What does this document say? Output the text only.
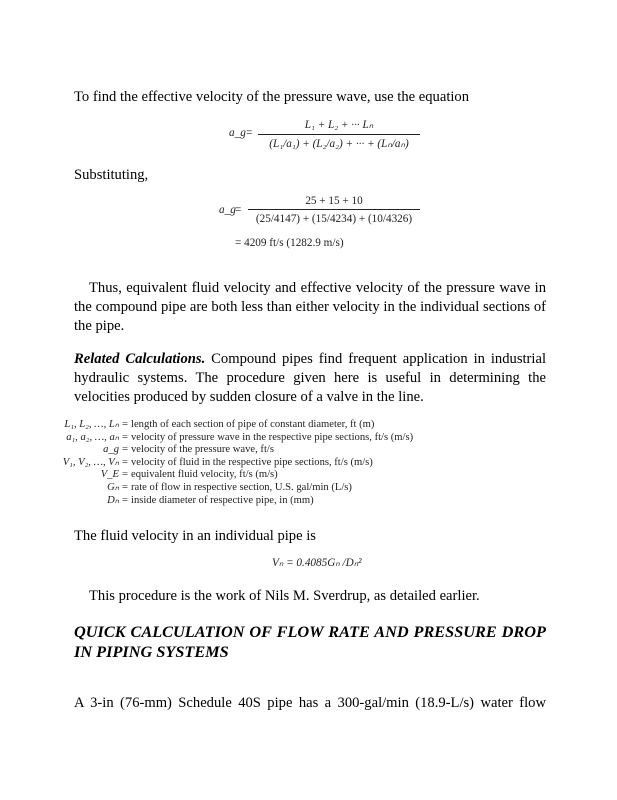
To find the effective velocity of the pressure wave, use the equation
a_g =
L₁ + L₂ + ··· Lₙ
(L₁/a₁) + (L₂/a₂) + ··· + (Lₙ/aₙ)
Substituting,
a_g =
25 + 15 + 10
(25/4147) + (15/4234) + (10/4326)
= 4209 ft/s (1282.9 m/s)
Thus, equivalent fluid velocity and effective velocity of the pressure wave in the compound pipe are both less than either velocity in the individual sections of the pipe.
Related Calculations. Compound pipes find frequent application in industrial hydraulic systems. The procedure given here is useful in determining the velocities produced by sudden closure of a valve in the line.
L₁, L₂, …, Lₙ = length of each section of pipe of constant diameter, ft (m)
a₁, a₂, …, aₙ = velocity of pressure wave in the respective pipe sections, ft/s (m/s)
a_g = velocity of the pressure wave, ft/s
V₁, V₂, …, Vₙ = velocity of fluid in the respective pipe sections, ft/s (m/s)
V_E = equivalent fluid velocity, ft/s (m/s)
Gₙ = rate of flow in respective section, U.S. gal/min (L/s)
Dₙ = inside diameter of respective pipe, in (mm)
The fluid velocity in an individual pipe is
Vₙ = 0.4085Gₙ /Dₙ²
This procedure is the work of Nils M. Sverdrup, as detailed earlier.
QUICK CALCULATION OF FLOW RATE AND PRESSURE DROP IN PIPING SYSTEMS
A 3-in (76-mm) Schedule 40S pipe has a 300-gal/min (18.9-L/s) water flow
